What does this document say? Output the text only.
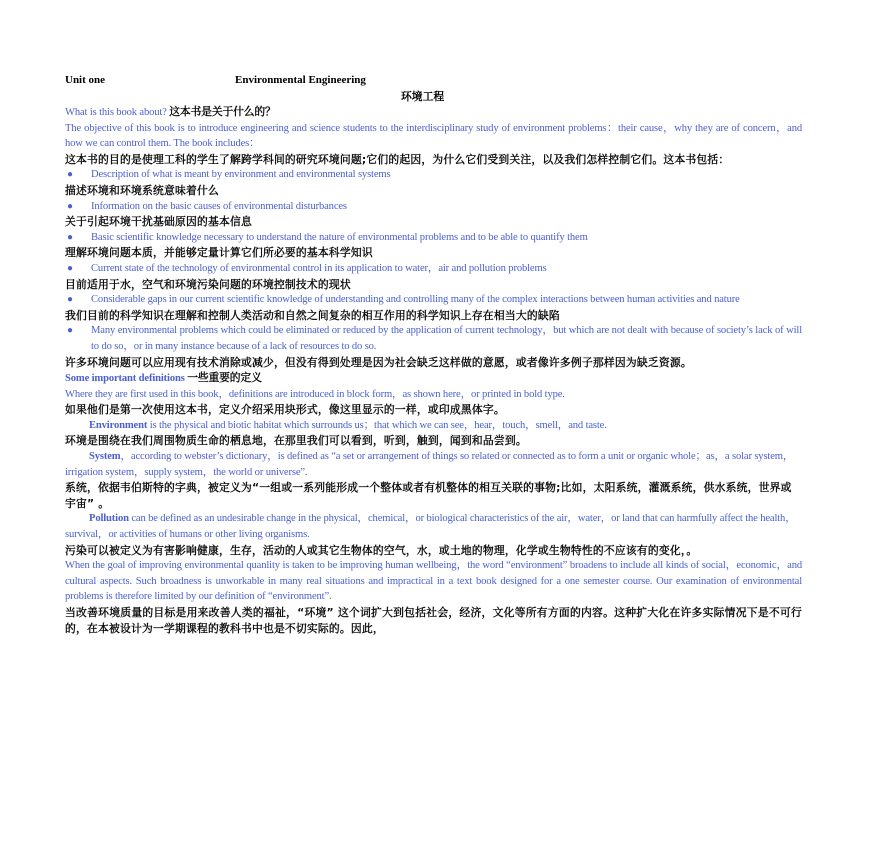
Unit one	Environmental Engineering
环境工程
What is this book about? 这本书是关于什么的？
The objective of this book is to introduce engineering and science students to the interdisciplinary study of environment problems：their cause，why they are of concern，and how we can control them. The book includes：
这本书的目的是使理工科的学生了解跨学科间的研究环境问题;它们的起因，为什么它们受到关注，以及我们怎样控制它们。这本书包括：
● Description of what is meant by environment and environmental systems
描述环境和环境系统意味着什么
● Information on the basic causes of environmental disturbances
关于引起环境干扰基础原因的基本信息
● Basic scientific knowledge necessary to understand the nature of environmental problems and to be able to quantify them
理解环境问题本质，并能够定量计算它们所必要的基本科学知识
● Current state of the technology of environmental control in its application to water，air and pollution problems
目前适用于水，空气和环境污染问题的环境控制技术的现状
● Considerable gaps in our current scientific knowledge of understanding and controlling many of the complex interactions between human activities and nature
我们目前的科学知识在理解和控制人类活动和自然之间复杂的相互作用的科学知识上存在相当大的缺陷
● Many environmental problems which could be eliminated or reduced by the application of current technology，but which are not dealt with because of society’s lack of will to do so，or in many instance because of a lack of resources to do so.
许多环境问题可以应用现有技术消除或减少，但没有得到处理是因为社会缺乏这样做的意愿，或者像许多例子那样因为缺乏资源。
Some important definitions 一些重要的定义
Where they are first used in this book，definitions are introduced in block form，as shown here，or printed in bold type.
如果他们是第一次使用这本书，定义介绍采用块形式，像这里显示的一样，或印成黑体字。
Environment is the physical and biotic habitat which surrounds us；that which we can see，hear，touch，smell，and taste.
环境是围绕在我们周围物质生命的栖息地，在那里我们可以看到，听到，触到，闻到和品尝到。
System，according to webster’s dictionary，is defined as “a set or arrangement of things so related or connected as to form a unit or organic whole；as，a solar system，irrigation system，supply system，the world or universe”.
系统，依据韦伯斯特的字典，被定义为“一组或一系列能形成一个整体或者有机整体的相互关联的事物;比如，太阳系统，灌溉系统，供水系统，世界或宇宙” 。
Pollution can be defined as an undesirable change in the physical，chemical，or biological characteristics of the air，water，or land that can harmfully affect the health，survival，or activities of humans or other living organisms.
污染可以被定义为有害影响健康，生存，活动的人或其它生物体的空气，水，或土地的物理，化学或生物特性的不应该有的变化，。
When the goal of improving environmental quanlity is taken to be improving human wellbeing，the word “environment” broadens to include all kinds of social，economic，and cultural aspects. Such broadness is unworkable in many real situations and impractical in a text book designed for a one semester course. Our examination of environmental problems is therefore limited by our definition of “environment”.
当改善环境质量的目标是用来改善人类的福祉，“环境” 这个词扩大到包括社会，经济，文化等所有方面的内容。这种扩大化在许多实际情况下是不可行的，在本被设计为一学期课程的教科书中也是不切实际的。因此，
